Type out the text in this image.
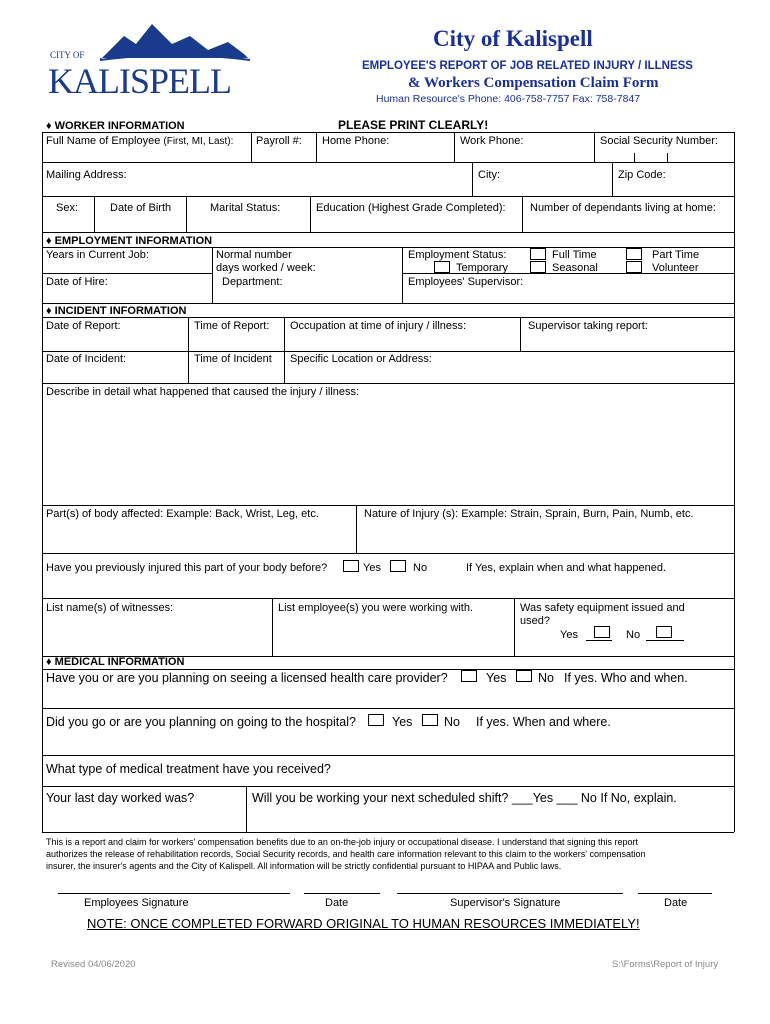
CITY OF
KALISPELL
City of Kalispell
EMPLOYEE'S REPORT OF JOB RELATED INJURY / ILLNESS
& Workers Compensation Claim Form
Human Resource's Phone: 406-758-7757 Fax: 758-7847
♦ WORKER INFORMATION	PLEASE PRINT CLEARLY!
Full Name of Employee (First, MI, Last): Payroll #: Home Phone:	Work Phone:	Social Security Number:
Mailing Address:	City:	Zip Code:
Sex:	Date of Birth	Marital Status:	Education (Highest Grade Completed): Number of dependants living at home:
♦ EMPLOYMENT INFORMATION
Years in Current Job:	Normal number
days worked / week:
Employment Status:	Full Time	Part Time
Temporary	Seasonal	Volunteer
Date of Hire:	Department:	Employees' Supervisor:
♦ INCIDENT INFORMATION
Date of Report:	Time of Report: Occupation at time of injury / illness:	Supervisor taking report:
Date of Incident:	Time of Incident Specific Location or Address:
Describe in detail what happened that caused the injury / illness:
Part(s) of body affected: Example: Back, Wrist, Leg, etc.	Nature of Injury (s): Example: Strain, Sprain, Burn, Pain, Numb, etc.
Have you previously injured this part of your body before?	Yes	No	If Yes, explain when and what happened.
List name(s) of witnesses:	List employee(s) you were working with.	Was safety equipment issued and
used?
Yes	No
♦ MEDICAL INFORMATION
Have you or are you planning on seeing a licensed health care provider?	Yes	No If yes. Who and when.
Did you go or are you planning on going to the hospital?	Yes	No If yes. When and where.
What type of medical treatment have you received?
Your last day worked was?	Will you be working your next scheduled shift? ___Yes ___ No If No, explain.
This is a report and claim for workers' compensation benefits due to an on-the-job injury or occupational disease. I understand that signing this report
authorizes the release of rehabilitation records, Social Security records, and health care information relevant to this claim to the workers' compensation
insurer, the insurer's agents and the City of Kalispell. All information will be strictly confidential pursuant to HIPAA and Public laws.
Employees Signature	Date	Supervisor's Signature	Date
NOTE: ONCE COMPLETED FORWARD ORIGINAL TO HUMAN RESOURCES IMMEDIATELY!
Revised 04/06/2020	S:\Forms\Report of Injury
